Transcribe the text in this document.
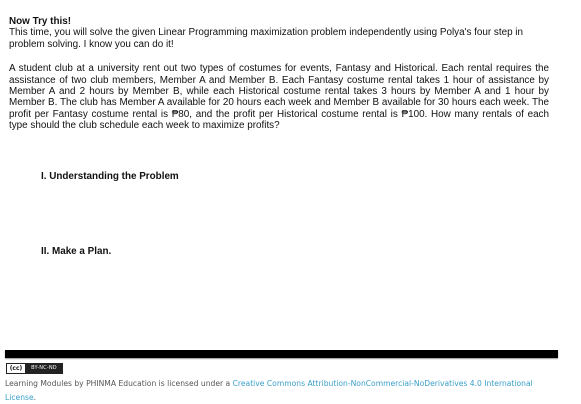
Now Try this!

This time, you will solve the given Linear Programming maximization problem independently using Polya's four step in problem solving. I know you can do it!

A student club at a university rent out two types of costumes for events, Fantasy and Historical. Each rental requires the assistance of two club members, Member A and Member B. Each Fantasy costume rental takes 1 hour of assistance by Member A and 2 hours by Member B, while each Historical costume rental takes 3 hours by Member A and 1 hour by Member B. The club has Member A available for 20 hours each week and Member B available for 30 hours each week. The profit per Fantasy costume rental is ₱80, and the profit per Historical costume rental is ₱100. How many rentals of each type should the club schedule each week to maximize profits?

I. Understanding the Problem
II. Make a Plan.
(cc)	BY-NC-ND
Learning Modules by PHINMA Education is licensed under a Creative Commons Attribution-NonCommercial-NoDerivatives 4.0 International License.
